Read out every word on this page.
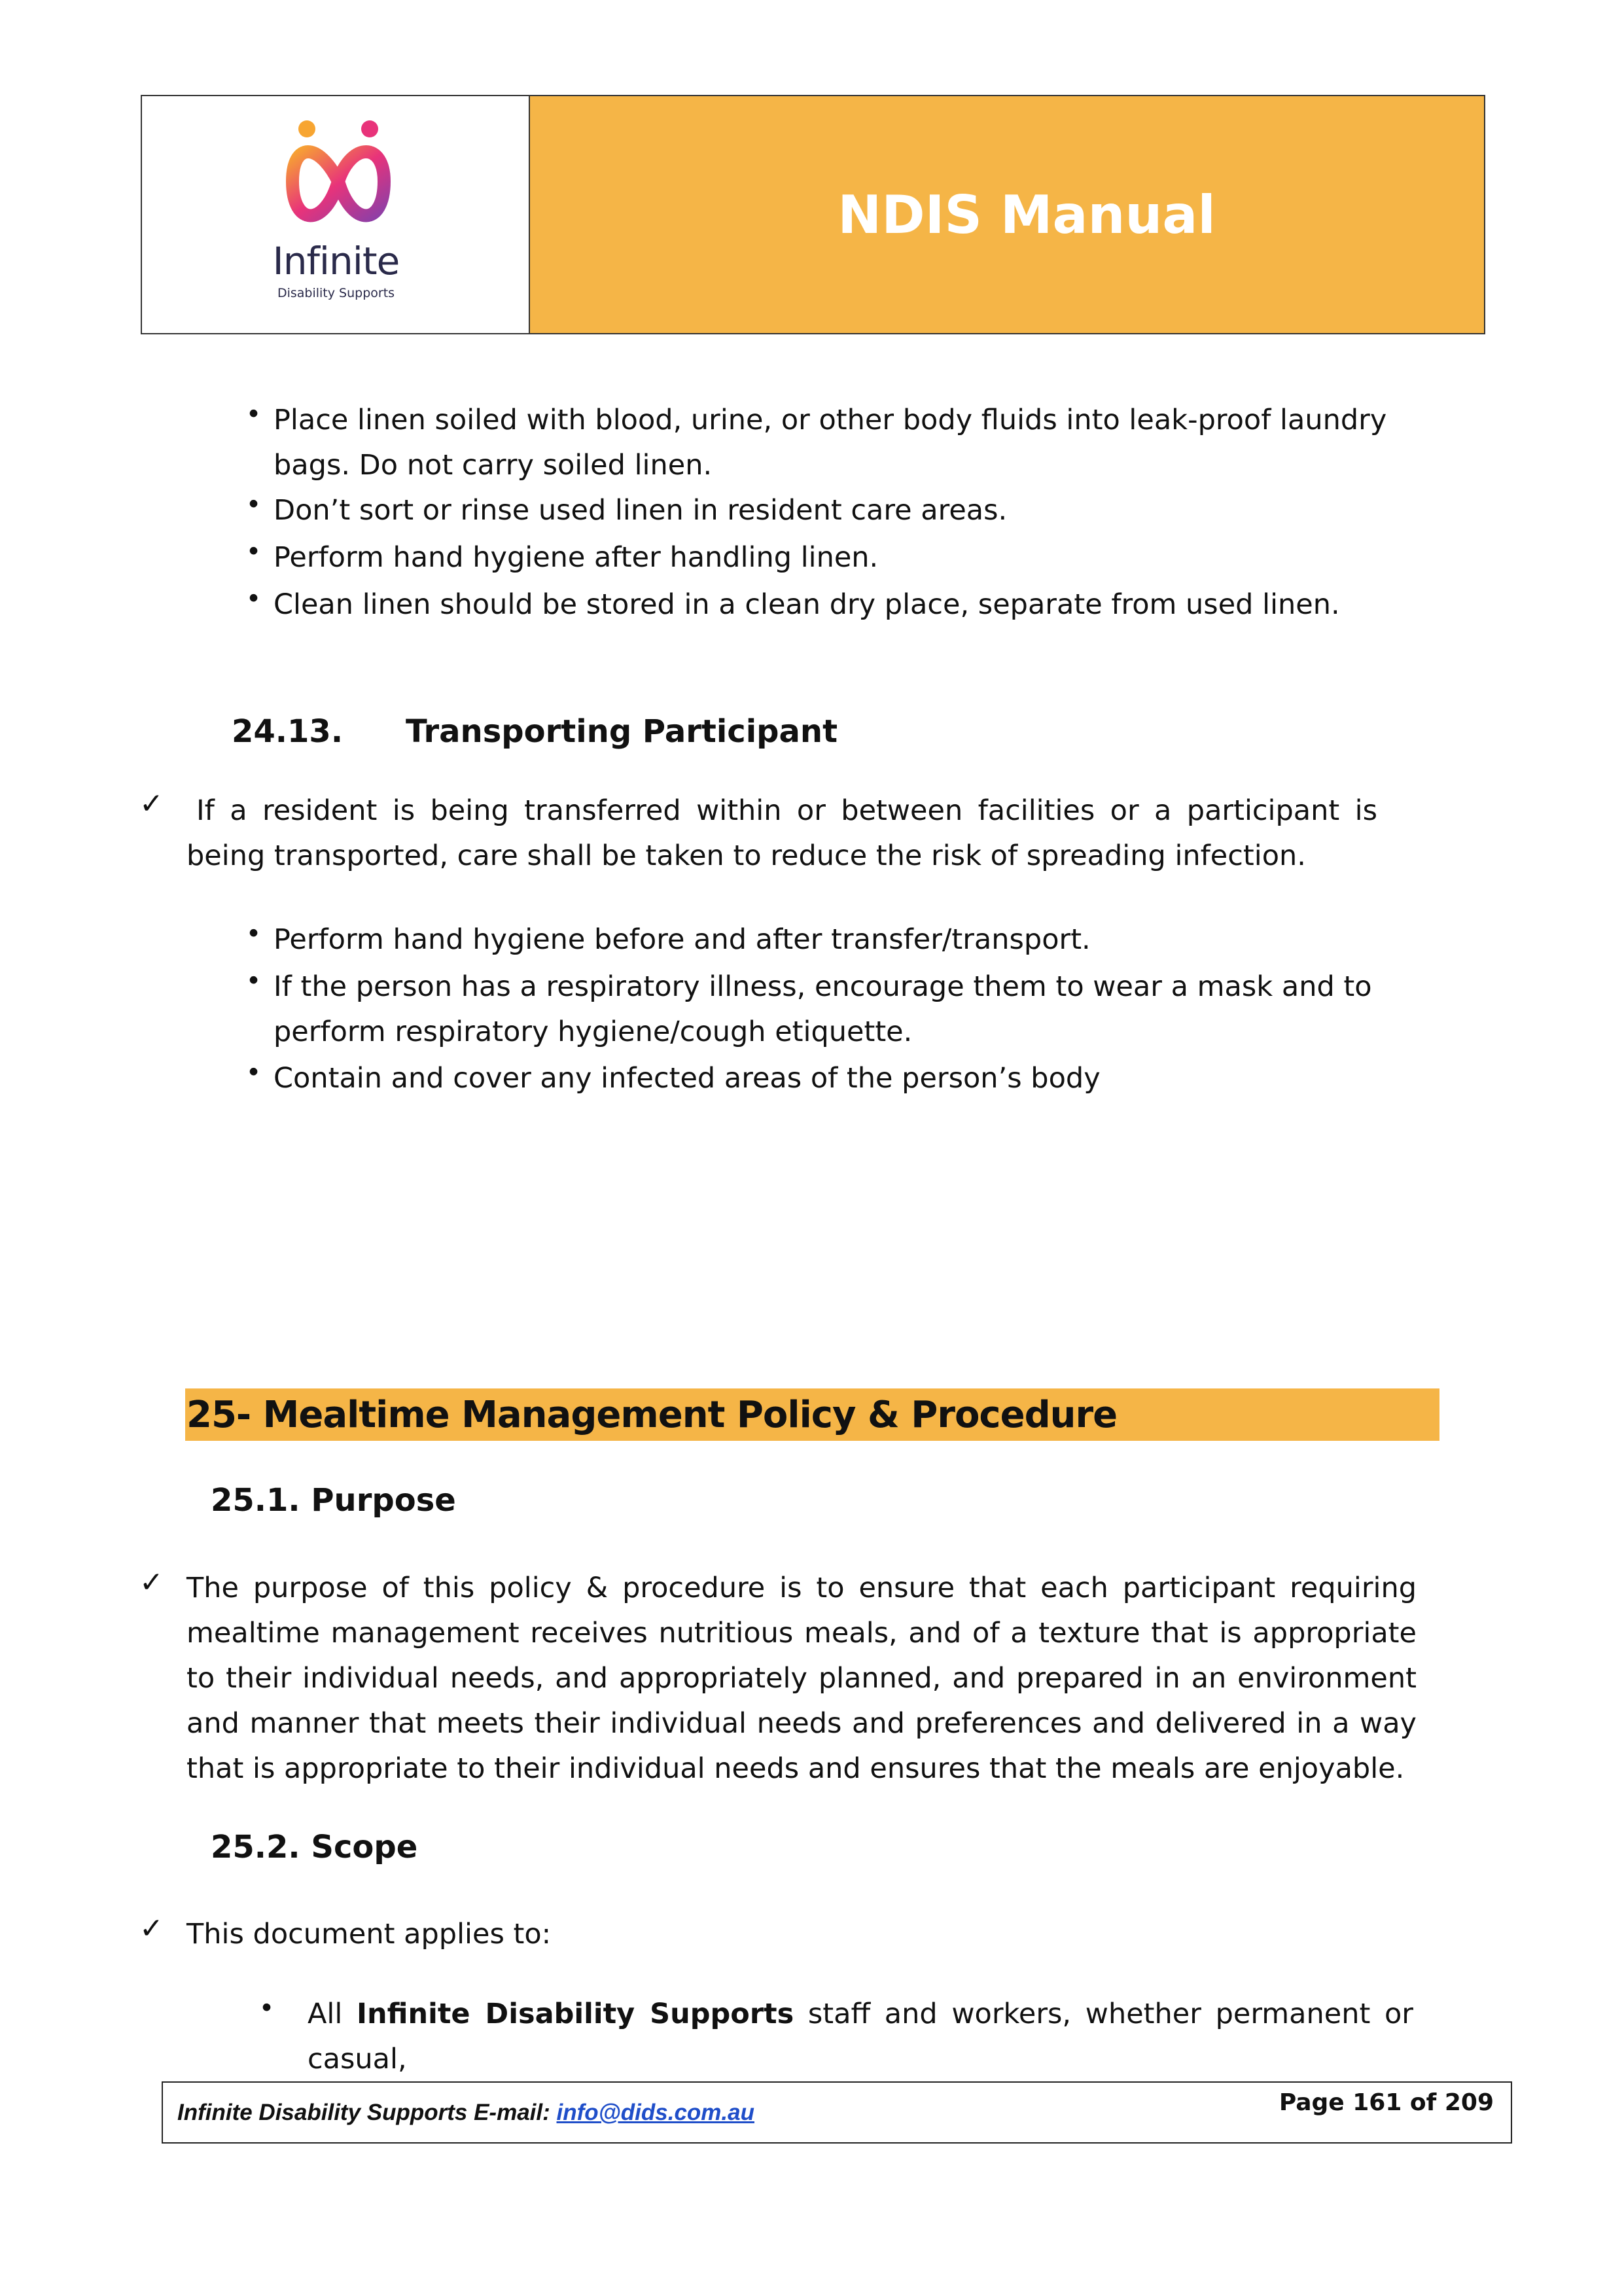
Infinite
Disability Supports
NDIS Manual
• Place linen soiled with blood, urine, or other body fluids into leak-proof laundry bags. Do not carry soiled linen.
• Don’t sort or rinse used linen in resident care areas.
• Perform hand hygiene after handling linen.
• Clean linen should be stored in a clean dry place, separate from used linen.
24.13. Transporting Participant
✓	If a resident is being transferred within or between facilities or a participant is being transported, care shall be taken to reduce the risk of spreading infection.
• Perform hand hygiene before and after transfer/transport.
• If the person has a respiratory illness, encourage them to wear a mask and to perform respiratory hygiene/cough etiquette.
• Contain and cover any infected areas of the person’s body
25- Mealtime Management Policy & Procedure
25.1. Purpose
✓ The purpose of this policy & procedure is to ensure that each participant requiring mealtime management receives nutritious meals, and of a texture that is appropriate to their individual needs, and appropriately planned, and prepared in an environment and manner that meets their individual needs and preferences and delivered in a way that is appropriate to their individual needs and ensures that the meals are enjoyable.
25.2. Scope
✓ This document applies to:
• All Infinite Disability Supports staff and workers, whether permanent or casual,
Infinite Disability Supports E-mail: info@dids.com.au	Page 161 of 209
